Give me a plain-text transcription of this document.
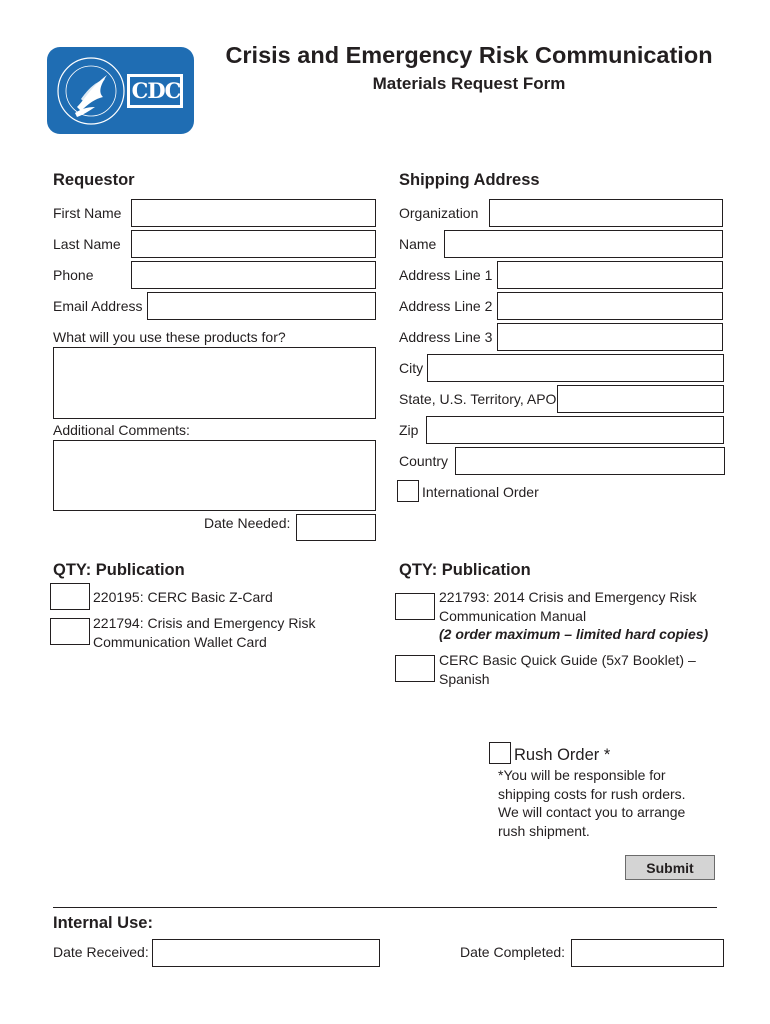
CDC
Crisis and Emergency Risk Communication
Materials Request Form
Requestor
First Name
Last Name
Phone
Email Address
What will you use these products for?
Additional Comments:
Date Needed:
Shipping Address
Organization
Name
Address Line 1
Address Line 2
Address Line 3
City
State, U.S. Territory, APO
Zip
Country
International Order
QTY: Publication
220195: CERC Basic Z-Card
221794: Crisis and Emergency Risk
Communication Wallet Card
QTY: Publication
221793: 2014 Crisis and Emergency Risk
Communication Manual
(2 order maximum – limited hard copies)
CERC Basic Quick Guide (5x7 Booklet) –
Spanish
Rush Order *
*You will be responsible for
shipping costs for rush orders.
We will contact you to arrange
rush shipment.
Submit
Internal Use:
Date Received:	Date Completed:
